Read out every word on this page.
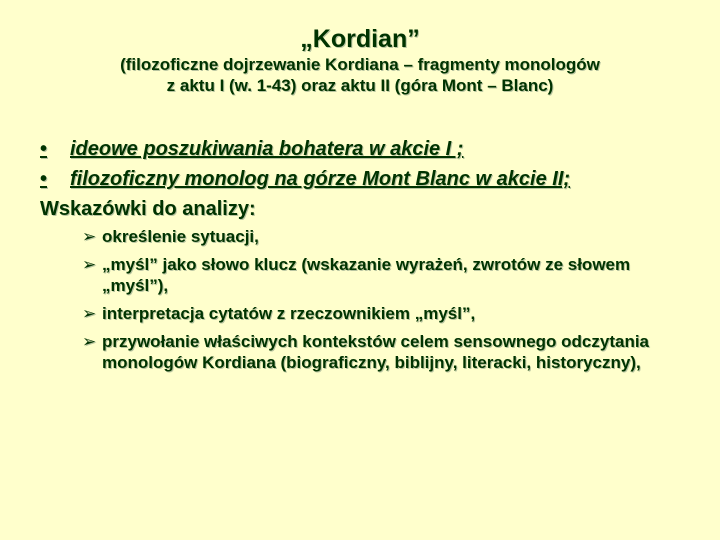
„Kordian”
(filozoficzne dojrzewanie Kordiana – fragmenty monologów
z aktu I (w. 1-43) oraz aktu II (góra Mont – Blanc)
•	ideowe poszukiwania bohatera w akcie I ;
•	filozoficzny monolog na górze Mont Blanc w akcie II;
Wskazówki do analizy:
➢ określenie sytuacji,
➢ „myśl” jako słowo klucz (wskazanie wyrażeń, zwrotów ze słowem „myśl”),
➢ interpretacja cytatów z rzeczownikiem „myśl”,
➢ przywołanie właściwych kontekstów celem sensownego odczytania monologów Kordiana (biograficzny, biblijny, literacki, historyczny),
